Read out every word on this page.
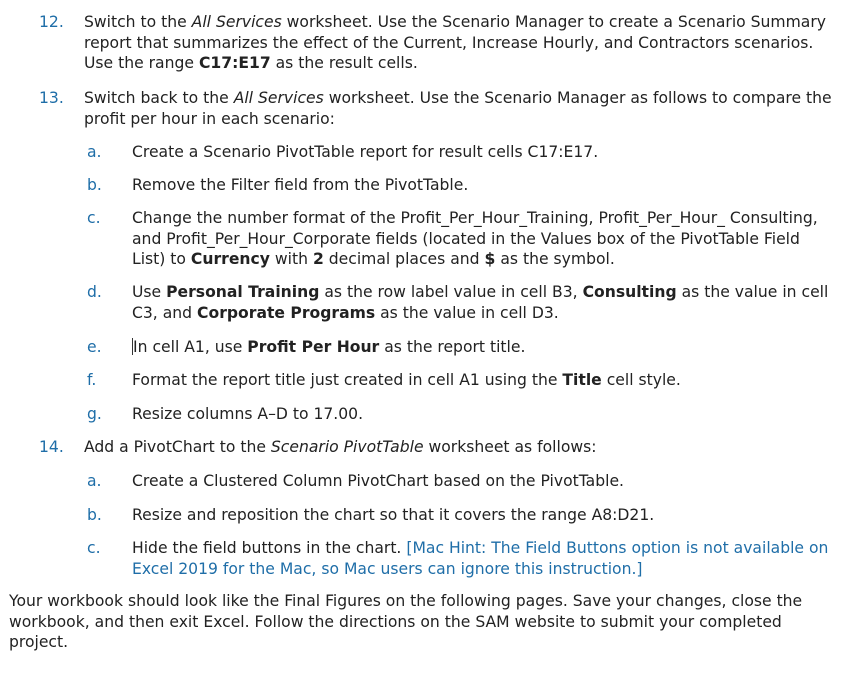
12.	Switch to the All Services worksheet. Use the Scenario Manager to create a Scenario Summary report that summarizes the effect of the Current, Increase Hourly, and Contractors scenarios. Use the range C17:E17 as the result cells.
13.	Switch back to the All Services worksheet. Use the Scenario Manager as follows to compare the profit per hour in each scenario:
a.	Create a Scenario PivotTable report for result cells C17:E17.
b.	Remove the Filter field from the PivotTable.
c.	Change the number format of the Profit_Per_Hour_Training, Profit_Per_Hour_ Consulting, and Profit_Per_Hour_Corporate fields (located in the Values box of the PivotTable Field List) to Currency with 2 decimal places and $ as the symbol.
d.	Use Personal Training as the row label value in cell B3, Consulting as the value in cell C3, and Corporate Programs as the value in cell D3.
e.	In cell A1, use Profit Per Hour as the report title.
f.	Format the report title just created in cell A1 using the Title cell style.
g.	Resize columns A–D to 17.00.
14.	Add a PivotChart to the Scenario PivotTable worksheet as follows:
a.	Create a Clustered Column PivotChart based on the PivotTable.
b.	Resize and reposition the chart so that it covers the range A8:D21.
c.	Hide the field buttons in the chart. [Mac Hint: The Field Buttons option is not available on Excel 2019 for the Mac, so Mac users can ignore this instruction.]
Your workbook should look like the Final Figures on the following pages. Save your changes, close the workbook, and then exit Excel. Follow the directions on the SAM website to submit your completed project.
